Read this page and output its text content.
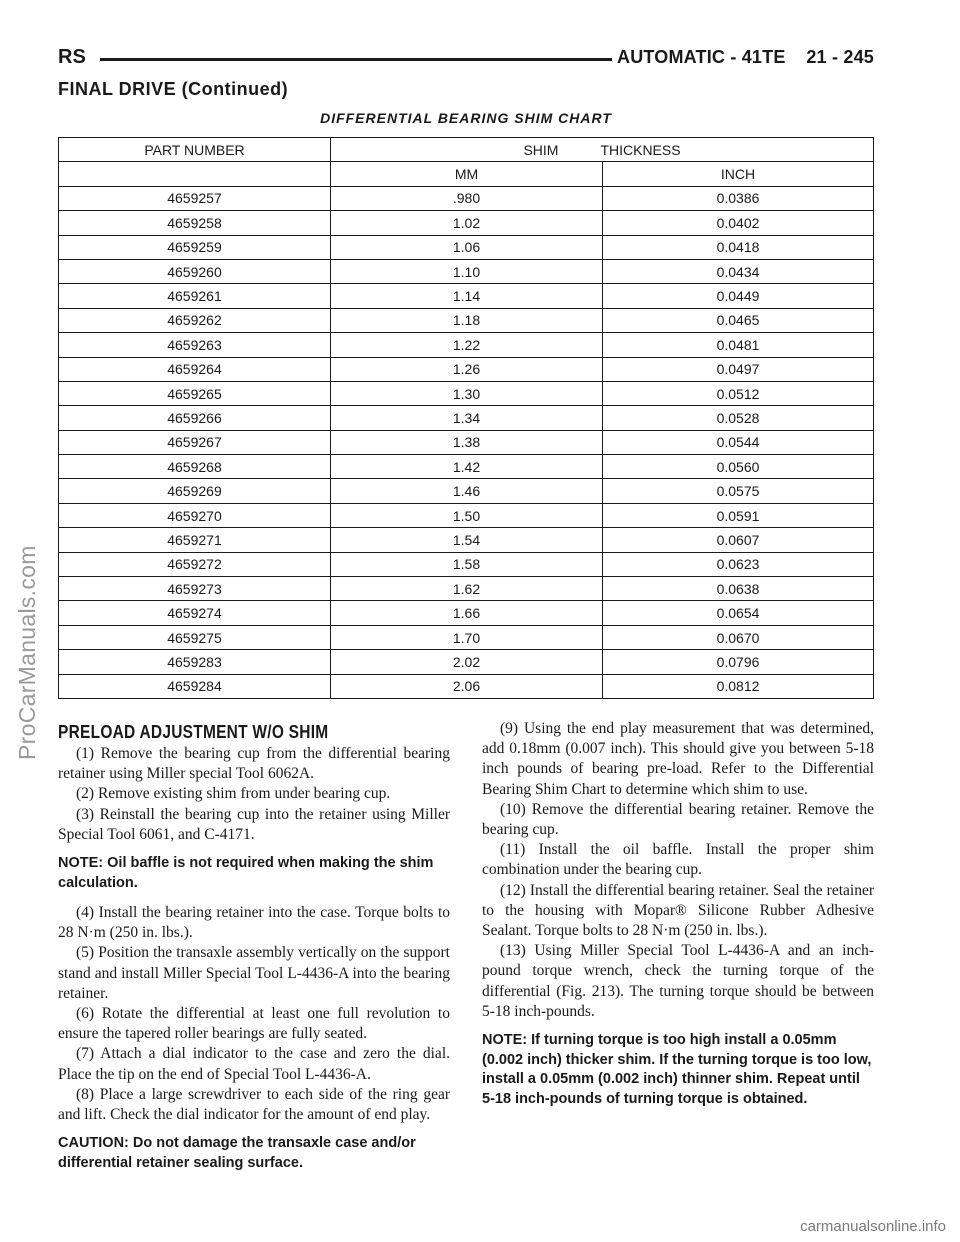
RS	AUTOMATIC - 41TE    21 - 245
FINAL DRIVE (Continued)
DIFFERENTIAL BEARING SHIM CHART
PART NUMBER	SHIM THICKNESS	
	MM	INCH
4659257	.980	0.0386
4659258	1.02	0.0402
4659259	1.06	0.0418
4659260	1.10	0.0434
4659261	1.14	0.0449
4659262	1.18	0.0465
4659263	1.22	0.0481
4659264	1.26	0.0497
4659265	1.30	0.0512
4659266	1.34	0.0528
4659267	1.38	0.0544
4659268	1.42	0.0560
4659269	1.46	0.0575
4659270	1.50	0.0591
4659271	1.54	0.0607
4659272	1.58	0.0623
4659273	1.62	0.0638
4659274	1.66	0.0654
4659275	1.70	0.0670
4659283	2.02	0.0796
4659284	2.06	0.0812
PRELOAD ADJUSTMENT W/O SHIM

(1) Remove the bearing cup from the differential bearing retainer using Miller special Tool 6062A.

(2) Remove existing shim from under bearing cup.

(3) Reinstall the bearing cup into the retainer using Miller Special Tool 6061, and C-4171.

NOTE: Oil baffle is not required when making the shim calculation.

(4) Install the bearing retainer into the case. Torque bolts to 28 N·m (250 in. lbs.).

(5) Position the transaxle assembly vertically on the support stand and install Miller Special Tool L-4436-A into the bearing retainer.

(6) Rotate the differential at least one full revolution to ensure the tapered roller bearings are fully seated.

(7) Attach a dial indicator to the case and zero the dial. Place the tip on the end of Special Tool L-4436-A.

(8) Place a large screwdriver to each side of the ring gear and lift. Check the dial indicator for the amount of end play.

CAUTION: Do not damage the transaxle case and/or differential retainer sealing surface.

(9) Using the end play measurement that was determined, add 0.18mm (0.007 inch). This should give you between 5-18 inch pounds of bearing pre-load. Refer to the Differential Bearing Shim Chart to determine which shim to use.

(10) Remove the differential bearing retainer. Remove the bearing cup.

(11) Install the oil baffle. Install the proper shim combination under the bearing cup.

(12) Install the differential bearing retainer. Seal the retainer to the housing with Mopar® Silicone Rubber Adhesive Sealant. Torque bolts to 28 N·m (250 in. lbs.).

(13) Using Miller Special Tool L-4436-A and an inch-pound torque wrench, check the turning torque of the differential (Fig. 213). The turning torque should be between 5-18 inch-pounds.

NOTE: If turning torque is too high install a 0.05mm (0.002 inch) thicker shim. If the turning torque is too low, install a 0.05mm (0.002 inch) thinner shim. Repeat until 5-18 inch-pounds of turning torque is obtained.

ProCarManuals.com
carmanualsonline.info
